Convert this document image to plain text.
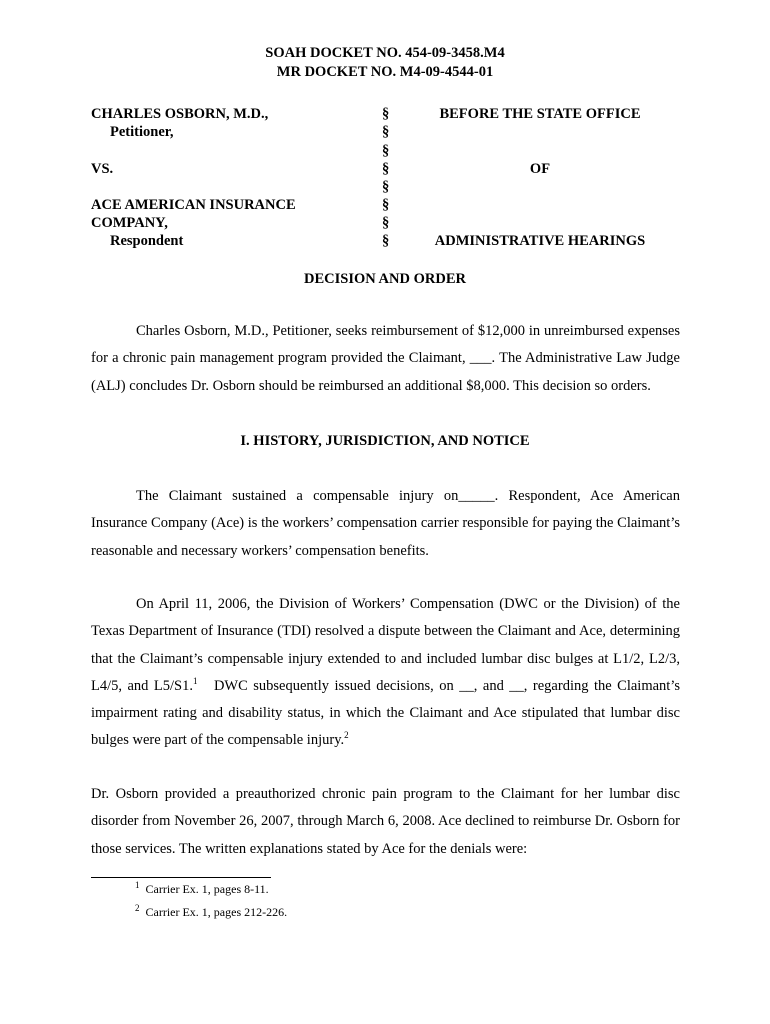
SOAH DOCKET NO. 454-09-3458.M4
MR DOCKET NO. M4-09-4544-01
CHARLES OSBORN, M.D.,
Petitioner,
VS.
ACE AMERICAN INSURANCE
COMPANY,
Respondent
§
§
§
§
§
§
§
§
BEFORE THE STATE OFFICE
OF
ADMINISTRATIVE HEARINGS
DECISION AND ORDER

Charles Osborn, M.D., Petitioner, seeks reimbursement of $12,000 in unreimbursed expenses for a chronic pain management program provided the Claimant, ___. The Administrative Law Judge (ALJ) concludes Dr. Osborn should be reimbursed an additional $8,000. This decision so orders.

I. HISTORY, JURISDICTION, AND NOTICE

The Claimant sustained a compensable injury on_____. Respondent, Ace American Insurance Company (Ace) is the workers’ compensation carrier responsible for paying the Claimant’s reasonable and necessary workers’ compensation benefits.

On April 11, 2006, the Division of Workers’ Compensation (DWC or the Division) of the Texas Department of Insurance (TDI) resolved a dispute between the Claimant and Ace, determining that the Claimant’s compensable injury extended to and included lumbar disc bulges at L1/2, L2/3, L4/5, and L5/S1.$^1$   DWC subsequently issued decisions, on __, and __, regarding the Claimant’s impairment rating and disability status, in which the Claimant and Ace stipulated that lumbar disc bulges were part of the compensable injury.$^2$

Dr. Osborn provided a preauthorized chronic pain program to the Claimant for her lumbar disc disorder from November 26, 2007, through March 6, 2008. Ace declined to reimburse Dr. Osborn for those services. The written explanations stated by Ace for the denials were:

$^1$ Carrier Ex. 1, pages 8-11.
$^2$ Carrier Ex. 1, pages 212-226.
